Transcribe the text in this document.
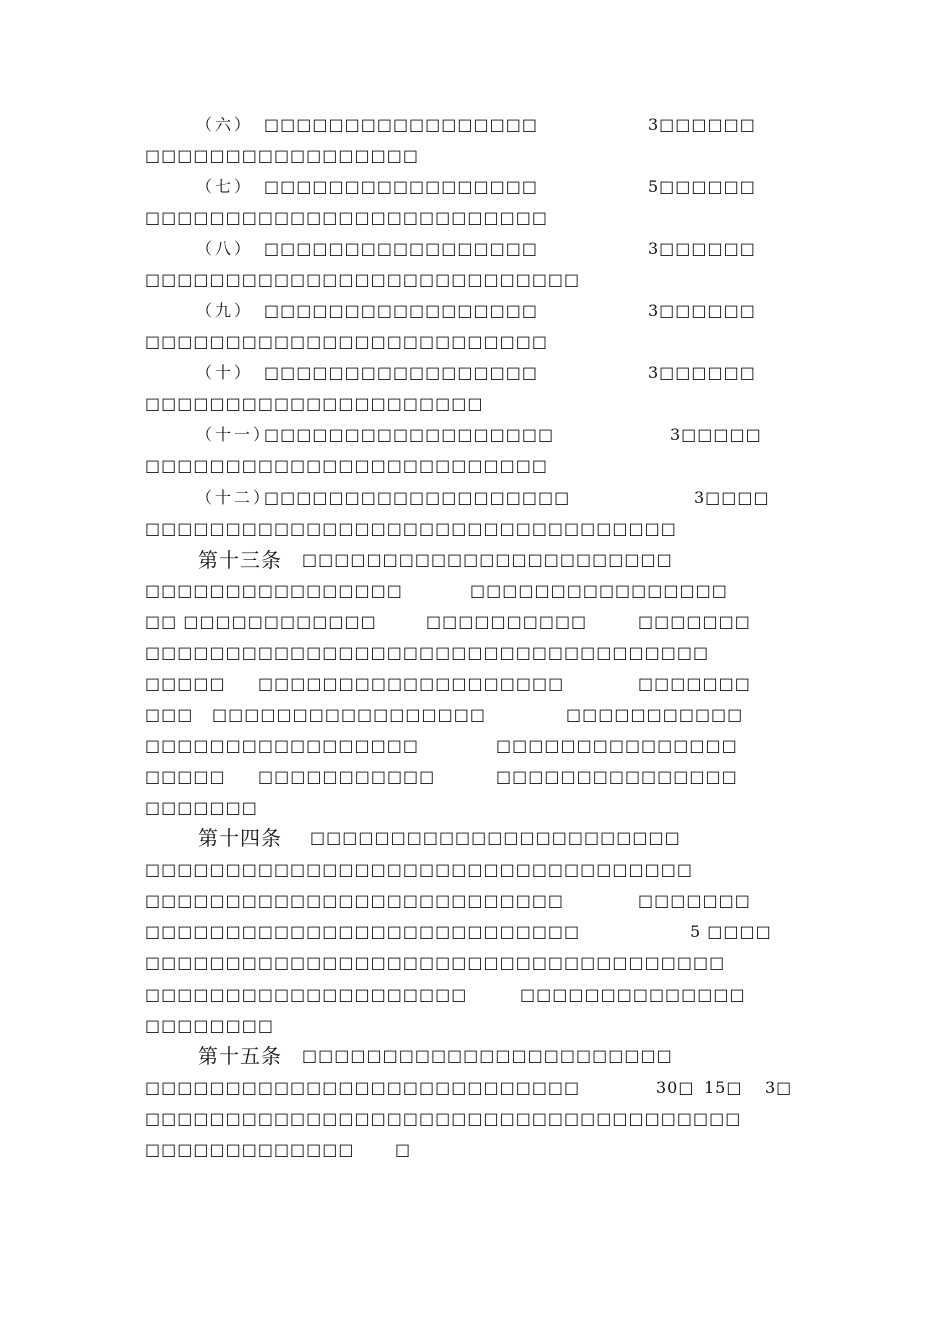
（六）

□□□□□□□□□□□□□□□□□

	3□□□□□□

□□□□□□□□□□□□□□□□□

（七）

□□□□□□□□□□□□□□□□□

	5□□□□□□

□□□□□□□□□□□□□□□□□□□□□□□□□

（八）

□□□□□□□□□□□□□□□□□

	3□□□□□□

□□□□□□□□□□□□□□□□□□□□□□□□□□□

（九）

□□□□□□□□□□□□□□□□□

	3□□□□□□

□□□□□□□□□□□□□□□□□□□□□□□□□

（十）

□□□□□□□□□□□□□□□□□

	3□□□□□□

□□□□□□□□□□□□□□□□□□□□□

（十一）

□□□□□□□□□□□□□□□□□□

	3□□□□□

□□□□□□□□□□□□□□□□□□□□□□□□□

（十二）

□□□□□□□□□□□□□□□□□□□

	3□□□□

□□□□□□□□□□□□□□□□□□□□□□□□□□□□□□□□□

第十三条

□□□□□□□□□□□□□□□□□□□□□□□

□□□□□□□□□□□□□□□□

	□□□□□□□□□□□□□□□□

□□ □□□□□□□□□□□□

	□□□□□□□□□□

	□□□□□□□

□□□□□□□□□□□□□□□□□□□□□□□□□□□□□□□□□□□

□□□□□

□□□□□□□□□□□□□□□□□□□

	□□□□□□□

□□□

□□□□□□□□□□□□□□□□□

	□□□□□□□□□□□

□□□□□□□□□□□□□□□□□

	□□□□□□□□□□□□□□□

□□□□□

□□□□□□□□□□□

	□□□□□□□□□□□□□□□

□□□□□□□

第十四条

□□□□□□□□□□□□□□□□□□□□□□□

□□□□□□□□□□□□□□□□□□□□□□□□□□□□□□□□□□

□□□□□□□□□□□□□□□□□□□□□□□□□□

	□□□□□□□

□□□□□□□□□□□□□□□□□□□□□□□□□□□

	5 □□□□

□□□□□□□□□□□□□□□□□□□□□□□□□□□□□□□□□□□□

□□□□□□□□□□□□□□□□□□□□

	□□□□□□□□□□□□□□

□□□□□□□□

第十五条

□□□□□□□□□□□□□□□□□□□□□□□

□□□□□□□□□□□□□□□□□□□□□□□□□□□

	30□

15□

3□

□□□□□□□□□□□□□□□□□□□□□□□□□□□□□□□□□□□□□

□□□□□□□□□□□□□

	□
